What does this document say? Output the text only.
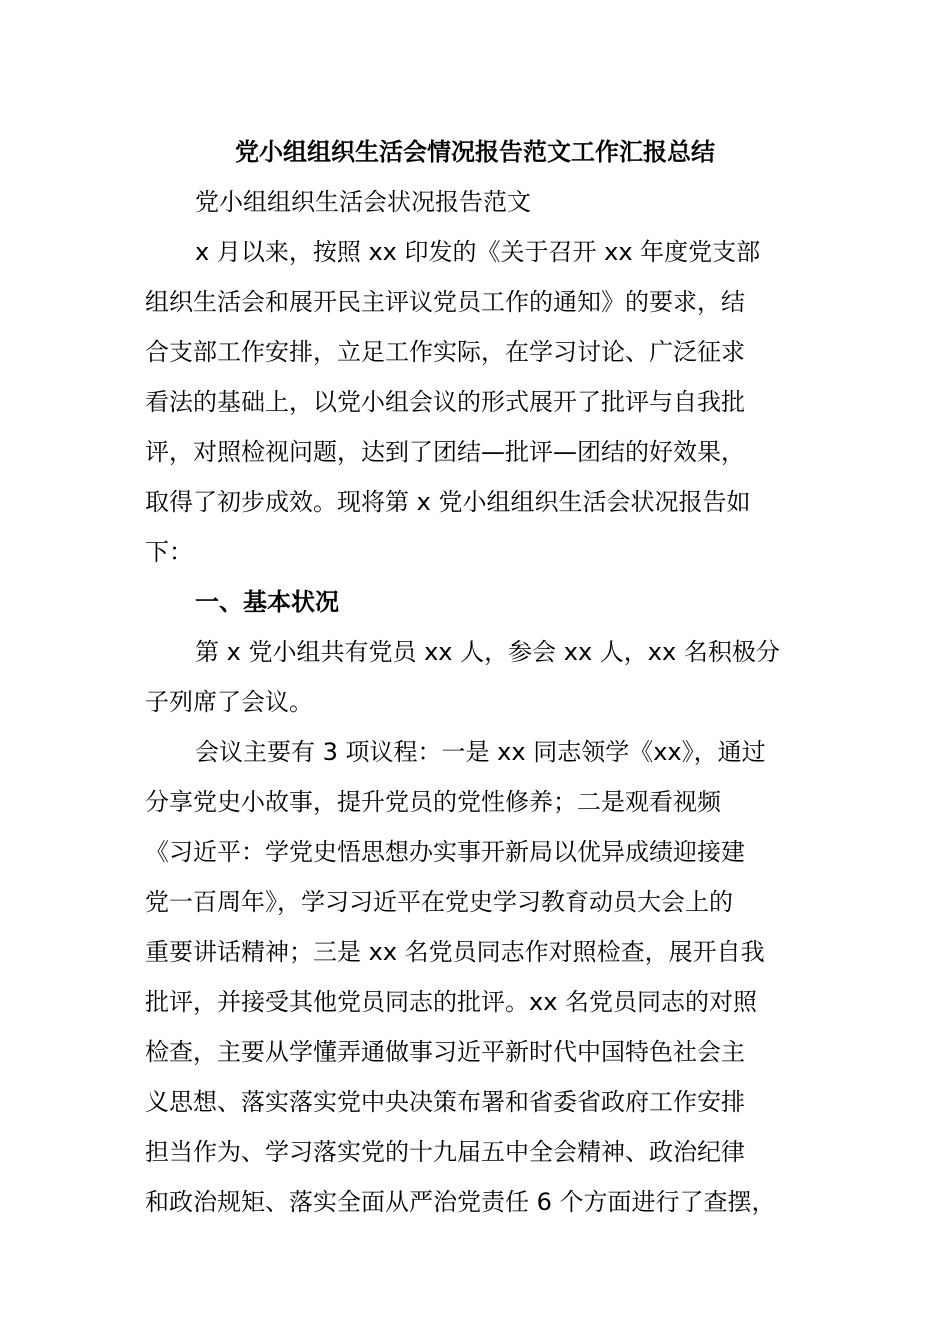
党小组组织生活会情况报告范文工作汇报总结
党小组组织生活会状况报告范文
x 月以来，按照 xx 印发的《关于召开 xx 年度党支部
组织生活会和展开民主评议党员工作的通知》的要求，结
合支部工作安排，立足工作实际，在学习讨论、广泛征求
看法的基础上，以党小组会议的形式展开了批评与自我批
评，对照检视问题，达到了团结—批评—团结的好效果，
取得了初步成效。现将第 x 党小组组织生活会状况报告如
下：
一、基本状况
第 x 党小组共有党员 xx 人，参会 xx 人，xx 名积极分
子列席了会议。
会议主要有 3 项议程：一是 xx 同志领学《xx》，通过
分享党史小故事，提升党员的党性修养；二是观看视频
《习近平：学党史悟思想办实事开新局以优异成绩迎接建
党一百周年》，学习习近平在党史学习教育动员大会上的
重要讲话精神；三是 xx 名党员同志作对照检查，展开自我
批评，并接受其他党员同志的批评。xx 名党员同志的对照
检查，主要从学懂弄通做事习近平新时代中国特色社会主
义思想、落实落实党中央决策布署和省委省政府工作安排
担当作为、学习落实党的十九届五中全会精神、政治纪律
和政治规矩、落实全面从严治党责任 6 个方面进行了查摆，
